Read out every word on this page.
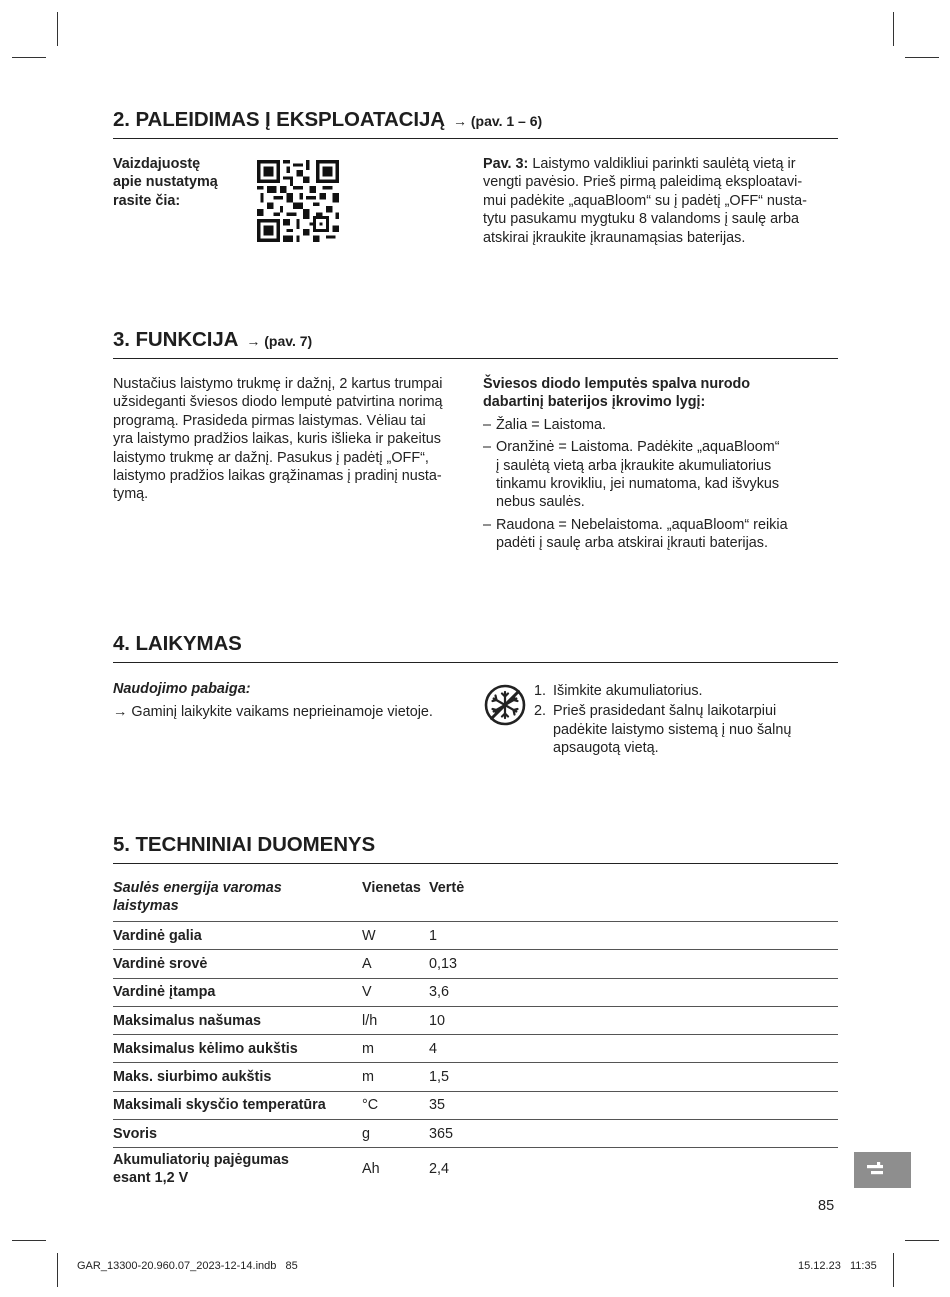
2. PALEIDIMAS Į EKSPLOATACIJĄ → (pav. 1 – 6)
Vaizdajuostę
apie nustatymą
rasite čia:
Pav. 3: Laistymo valdikliui parinkti saulėtą vietą ir
vengti pavėsio. Prieš pirmą paleidimą eksploatavi-
mui padėkite „aquaBloom“ su į padėtį „OFF“ nusta-
tytu pasukamu mygtuku 8 valandoms į saulę arba
atskirai įkraukite įkraunamąsias baterijas.
3. FUNKCIJA → (pav. 7)
Nustačius laistymo trukmę ir dažnį, 2 kartus trumpai
užsideganti šviesos diodo lemputė patvirtina norimą
programą. Prasideda pirmas laistymas. Vėliau tai
yra laistymo pradžios laikas, kuris išlieka ir pakeitus
laistymo trukmę ar dažnį. Pasukus į padėtį „OFF“,
laistymo pradžios laikas grąžinamas į pradinį nusta-
tymą.
Šviesos diodo lemputės spalva nurodo
dabartinį baterijos įkrovimo lygį:
– Žalia = Laistoma.
– Oranžinė = Laistoma. Padėkite „aquaBloom“
į saulėtą vietą arba įkraukite akumuliatorius
tinkamu krovikliu, jei numatoma, kad išvykus
nebus saulės.
– Raudona = Nebelaistoma. „aquaBloom“ reikia
padėti į saulę arba atskirai įkrauti baterijas.
4. LAIKYMAS
Naudojimo pabaiga:
→ Gaminį laikykite vaikams neprieinamoje vietoje.
1. Išimkite akumuliatorius.
2. Prieš prasidedant šalnų laikotarpiui
padėkite laistymo sistemą į nuo šalnų
apsaugotą vietą.
5. TECHNINIAI DUOMENYS
Saulės energija varomas
laistymas	Vienetas	Vertė
Vardinė galia	W	1
Vardinė srovė	A	0,13
Vardinė įtampa	V	3,6
Maksimalus našumas	l/h	10
Maksimalus kėlimo aukštis	m	4
Maks. siurbimo aukštis	m	1,5
Maksimali skysčio temperatūra	°C	35
Svoris	g	365

Akumuliatorių pajėgumas
esant 1,2 V	Ah	2,4
85
GAR_13300-20.960.07_2023-12-14.indb   85	15.12.23   11:35
